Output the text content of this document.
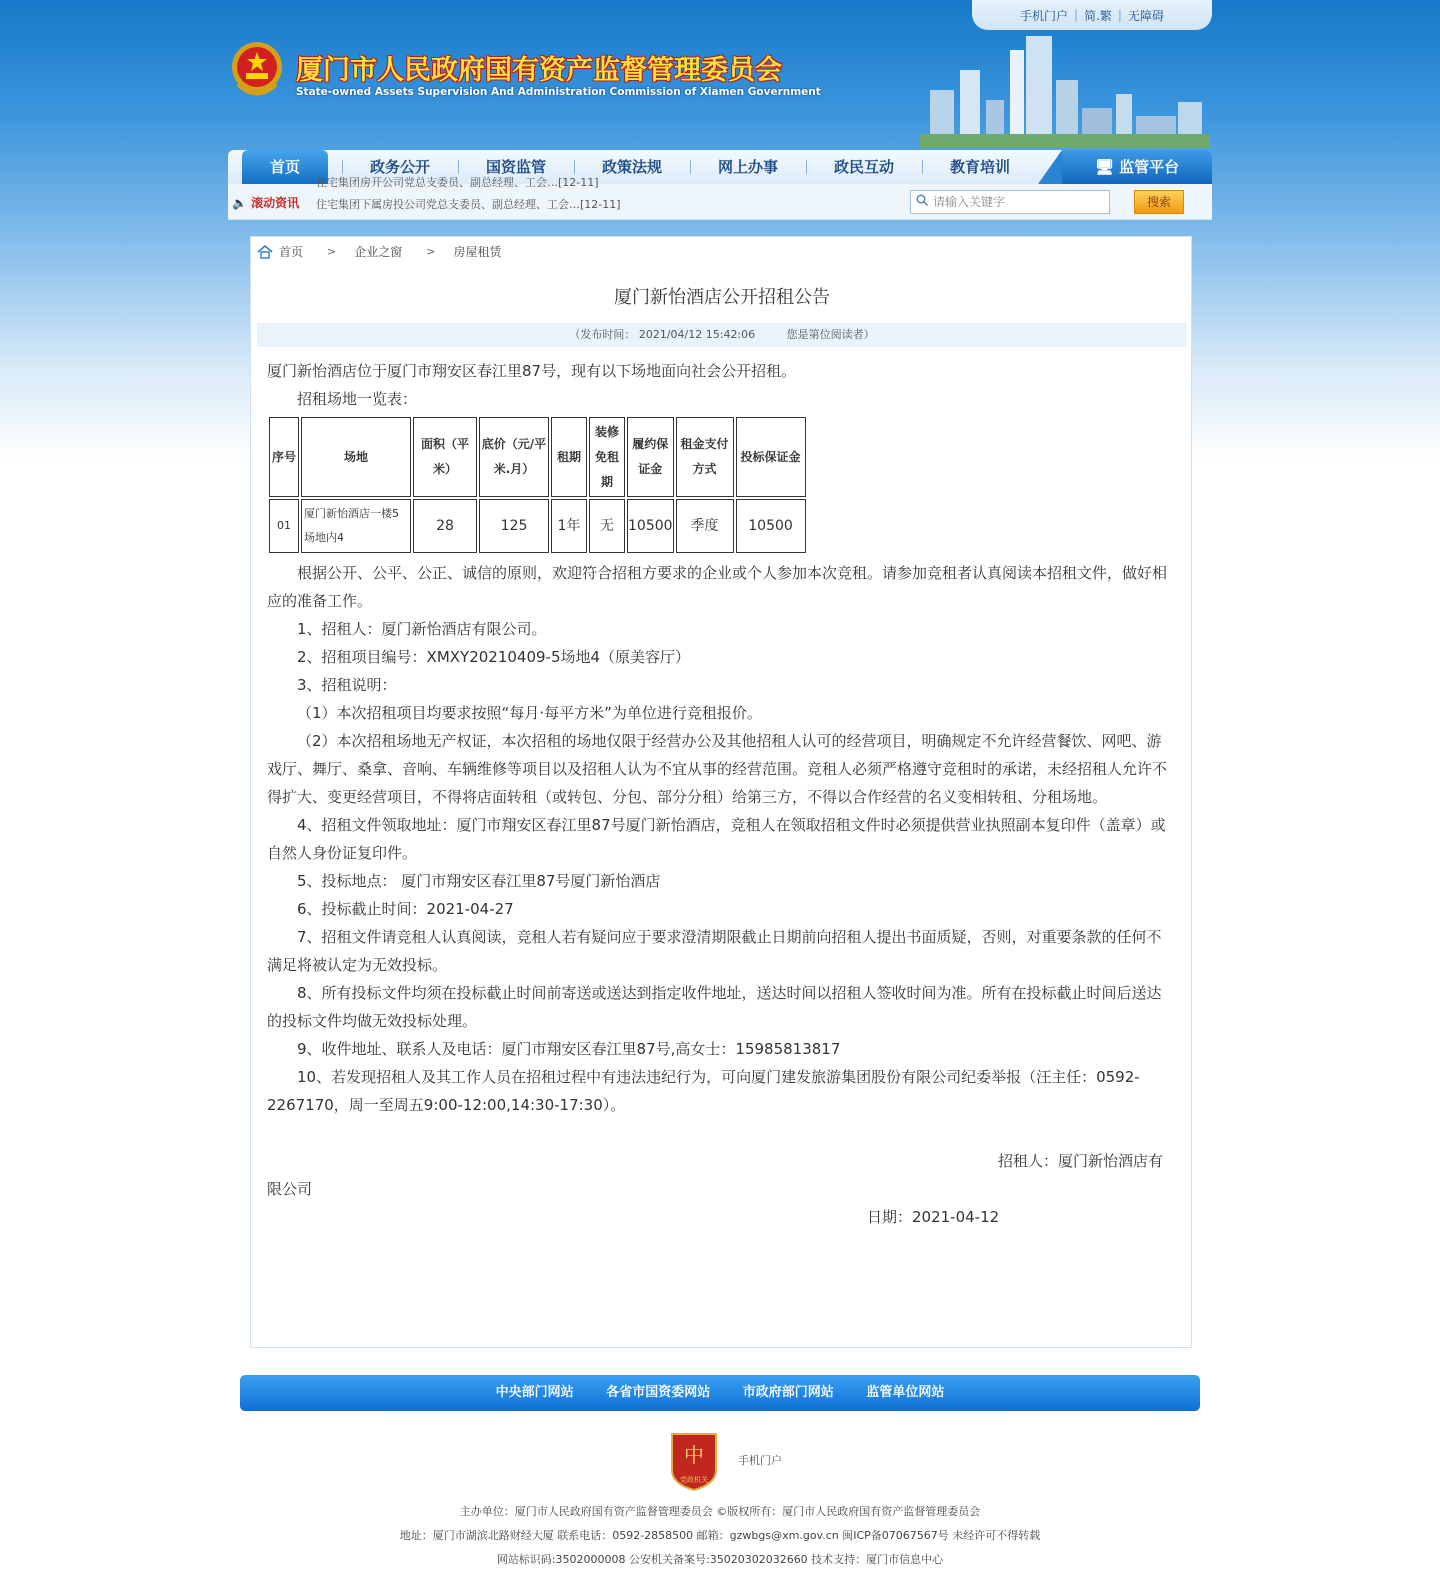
手机门户 | 简.繁 | 无障碍
厦门市人民政府国有资产监督管理委员会
State-owned Assets Supervision And Administration Commission of Xiamen Government
首页	政务公开	国资监管	政策法规	网上办事	政民互动	教育培训	🖥 监管平台
🔈 滚动资讯
住宅集团房开公司党总支委员、副总经理、工会…[12-11]
住宅集团下属房投公司党总支委员、副总经理、工会…[12-11]	请输入关键字	搜索
首页 > 企业之窗 > 房屋租赁
厦门新怡酒店公开招租公告
（发布时间： 2021/04/12 15:42:06	您是第位阅读者）

厦门新怡酒店位于厦门市翔安区春江里87号，现有以下场地面向社会公开招租。

招租场地一览表：

序号	场地	面积（平米）	底价（元/平米.月）	租期	装修免租期	履约保证金	租金支付方式	投标保证金
01	厦门新怡酒店一楼5场地内4	28	125	1年	无	10500	季度	10500

根据公开、公平、公正、诚信的原则，欢迎符合招租方要求的企业或个人参加本次竞租。请参加竞租者认真阅读本招租文件，做好相应的准备工作。

1、招租人：厦门新怡酒店有限公司。

2、招租项目编号：XMXY20210409-5场地4（原美容厅）

3、招租说明：

（1）本次招租项目均要求按照“每月·每平方米”为单位进行竞租报价。

（2）本次招租场地无产权证，本次招租的场地仅限于经营办公及其他招租人认可的经营项目，明确规定不允许经营餐饮、网吧、游戏厅、舞厅、桑拿、音响、车辆维修等项目以及招租人认为不宜从事的经营范围。竞租人必须严格遵守竞租时的承诺，未经招租人允许不得扩大、变更经营项目，不得将店面转租（或转包、分包、部分分租）给第三方，不得以合作经营的名义变相转租、分租场地。

4、招租文件领取地址：厦门市翔安区春江里87号厦门新怡酒店，竞租人在领取招租文件时必须提供营业执照副本复印件（盖章）或自然人身份证复印件。

5、投标地点： 厦门市翔安区春江里87号厦门新怡酒店

6、投标截止时间：2021-04-27

7、招租文件请竞租人认真阅读，竞租人若有疑问应于要求澄清期限截止日期前向招租人提出书面质疑，否则，对重要条款的任何不满足将被认定为无效投标。

8、所有投标文件均须在投标截止时间前寄送或送达到指定收件地址，送达时间以招租人签收时间为准。所有在投标截止时间后送达的投标文件均做无效投标处理。

9、收件地址、联系人及电话：厦门市翔安区春江里87号,高女士：15985813817

10、若发现招租人及其工作人员在招租过程中有违法违纪行为，可向厦门建发旅游集团股份有限公司纪委举报（汪主任：0592-2267170，周一至周五9:00-12:00,14:30-17:30）。

招租人：厦门新怡酒店有

限公司

日期：2021-04-12

中央部门网站	各省市国资委网站	市政府部门网站	监管单位网站
中
党政机关
手机门户
主办单位：厦门市人民政府国有资产监督管理委员会 ©版权所有：厦门市人民政府国有资产监督管理委员会
地址：厦门市湖滨北路财经大厦 联系电话：0592-2858500 邮箱：gzwbgs@xm.gov.cn 闽ICP备07067567号 未经许可不得转载
网站标识码:3502000008 公安机关备案号:35020302032660 技术支持：厦门市信息中心
